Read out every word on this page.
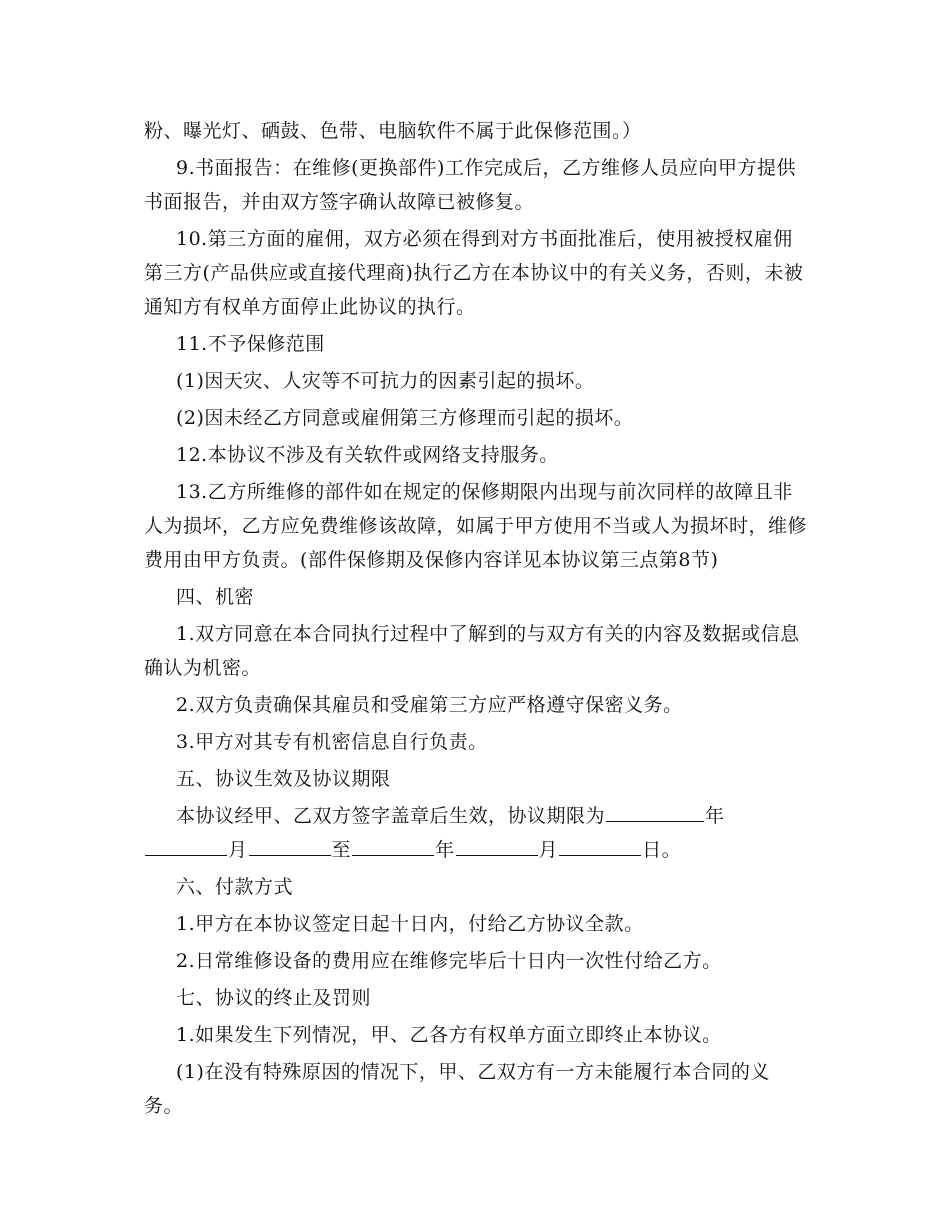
粉、曝光灯、硒鼓、色带、电脑软件不属于此保修范围。）

9.书面报告：在维修(更换部件)工作完成后，乙方维修人员应向甲方提供书面报告，并由双方签字确认故障已被修复。

10.第三方面的雇佣，双方必须在得到对方书面批准后，使用被授权雇佣第三方(产品供应或直接代理商)执行乙方在本协议中的有关义务，否则，未被通知方有权单方面停止此协议的执行。

11.不予保修范围

(1)因天灾、人灾等不可抗力的因素引起的损坏。

(2)因未经乙方同意或雇佣第三方修理而引起的损坏。

12.本协议不涉及有关软件或网络支持服务。

13.乙方所维修的部件如在规定的保修期限内出现与前次同样的故障且非人为损坏，乙方应免费维修该故障，如属于甲方使用不当或人为损坏时，维修费用由甲方负责。(部件保修期及保修内容详见本协议第三点第8节)

四、机密

1.双方同意在本合同执行过程中了解到的与双方有关的内容及数据或信息确认为机密。

2.双方负责确保其雇员和受雇第三方应严格遵守保密义务。

3.甲方对其专有机密信息自行负责。

五、协议生效及协议期限

本协议经甲、乙双方签字盖章后生效，协议期限为	年月	至	年	月	日。

六、付款方式

1.甲方在本协议签定日起十日内，付给乙方协议全款。

2.日常维修设备的费用应在维修完毕后十日内一次性付给乙方。

七、协议的终止及罚则

1.如果发生下列情况，甲、乙各方有权单方面立即终止本协议。

(1)在没有特殊原因的情况下，甲、乙双方有一方未能履行本合同的义务。
